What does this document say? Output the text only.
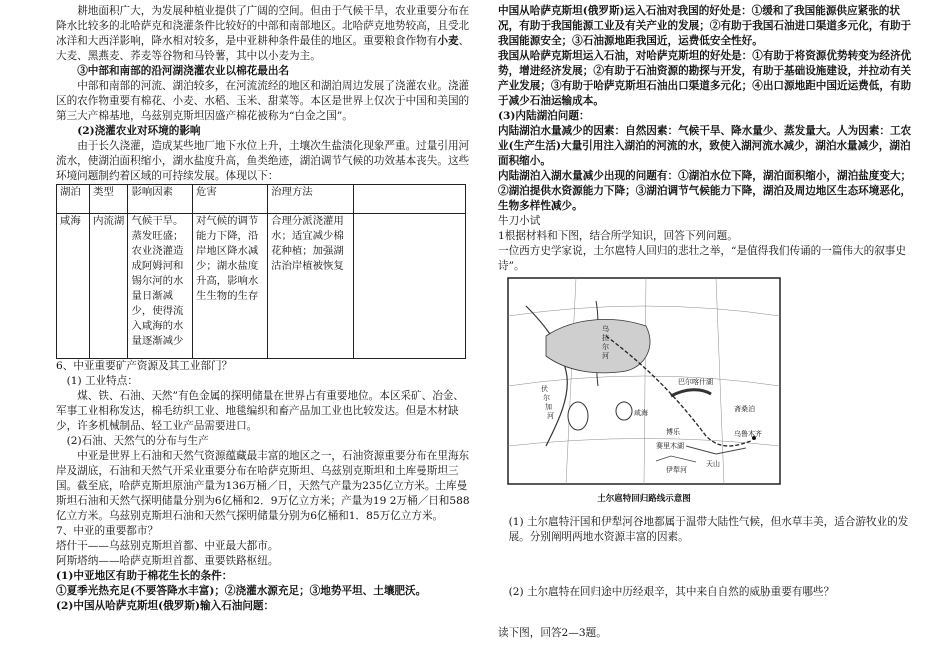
耕地面积广大，为发展种植业提供了广阔的空间。但由于气候干旱，农业重要分布在降水比较多的北哈萨克和浇灌条件比较好的中部和南部地区。北哈萨克地势较高，且受北冰洋和大西洋影响，降水相对较多，是中亚耕种条件最佳的地区。重要粮食作物有小麦、大麦、黑燕麦、荞麦等谷物和马铃薯，其中以小麦为主。

③中部和南部的沿河湖浇灌农业以棉花最出名

中部和南部的河流、湖泊较多，在河流流经的地区和湖泊周边发展了浇灌农业。浇灌区的农作物重要有棉花、小麦、水稻、玉米、甜菜等。本区是世界上仅次于中国和美国的第三大产棉基地，乌兹别克斯坦因盛产棉花被称为“白金之国”。

(2)浇灌农业对环境的影响

由于长久浇灌，造成某些地厂地下水位上升，土壤次生盐渍化现象严重。过量引用河流水，使湖泊面积缩小，湖水盐度升高，鱼类绝迹，湖泊调节气候的功效基本丧失。这些环境问题制约着区域的可持续发展。体现以下：

湖泊	类型	影响因素	危害	治理方法	
咸海	内流湖	气候干旱。蒸发旺盛；农业浇灌造成阿姆河和锡尔河的水量日渐减少，使得流入咸海的水量逐渐减少	对气候的调节能力下降，沿岸地区降水减少；湖水盐度升高，影响水生生物的生存	合理分派浇灌用水；适宜减少棉花种植；加强湖沽治岸植被恢复	

6、中亚重要矿产资源及其工业部门？

(1) 工业特点：

煤、铁、石油、天然”有色金属的探明储量在世界占有重要地位。本区采矿、冶金、军事工业相称发达，棉毛纺织工业、地毯编织和畜产品加工业也比较发达。但是木材缺少，许多机械制品、轻工业产品需要进口。

(2)石油、天然气的分布与生产

中亚是世界上石油和天然气资源蕴藏最丰富的地区之一，石油资源重要分布在里海东岸及湖底，石油和天然气开采业重要分布在哈萨克斯坦、乌兹别克斯坦和土库曼斯坦三国。截至底，哈萨克斯坦原油产量为136万桶／日，天然气产量为235亿立方米。土库曼斯坦石油和天然气探明储量分别为6亿桶和2．9万亿立方米；产量为19 2万桶／日和588亿立方米。乌兹别克斯坦石油和天然气探明储量分别为6亿桶和1．85万亿立方米。

7、中亚的重要都市？

塔什干——乌兹别克斯坦首都、中亚最大都市。

阿斯塔纳——哈萨克斯坦首都、重要铁路枢纽。

(1)中亚地区有助于棉花生长的条件：

①夏季光热充足(不要答降水丰富)；②浇灌水源充足；③地势平坦、土壤肥沃。

(2)中国从哈萨克斯坦(俄罗斯)输入石油问题：

中国从哈萨克斯坦(俄罗斯)运入石油对我国的好处是：①缓和了我国能源供应紧张的状况，有助于我国能源工业及有关产业的发展；②有助于我国石油进口渠道多元化，有助于我国能源安全；③石油源地距我国近，运费低安全性好。

我国从哈萨克斯坦运入石油，对哈萨克斯坦的好处是：①有助于将资源优势转变为经济优势，增进经济发展；②有助于石油资源的勘探与开发，有助于基础设施建设，并拉动有关产业发展；③有助于哈萨克斯坦石油出口渠道多元化；④出口源地距中国近运费低，有助于减少石油运输成本。

(3)内陆湖泊问题：

内陆湖泊水量减少的因素：自然因素：气候干旱、降水量少、蒸发量大。人为因素：工农业(生产生活)大量引用注入湖泊的河流的水，致使入湖河流水减少，湖泊水量减少，湖泊面积缩小。

内陆湖泊入湖水量减少出现的问题有：①湖泊水位下降，湖泊面积缩小，湖泊盐度变大；②湖泊提供水资源能力下降；③湖泊调节气候能力下降，湖泊及周边地区生态环境恶化，生物多样性减少。

牛刀小试

1根据材料和下图，结合所学知识，回答下列问题。

一位西方史学家说，土尔扈特人回归的悲壮之举，“是值得我们传诵的一篇伟大的叙事史诗”。

伏
尔
加
河
乌
拉
尔
河
咸海
巴尔喀什湖
斋桑泊
乌鲁木齐
伊犁河
天山
博乐
赛里木湖

土尔扈特回归路线示意图

(1) 土尔扈特汗国和伊犁河谷地都属于温带大陆性气候，但水草丰美，适合游牧业的发展。分别阐明两地水资源丰富的因素。

(2) 土尔扈特在回归途中历经艰辛，其中来自自然的威胁重要有哪些？

读下图，回答2—3题。
